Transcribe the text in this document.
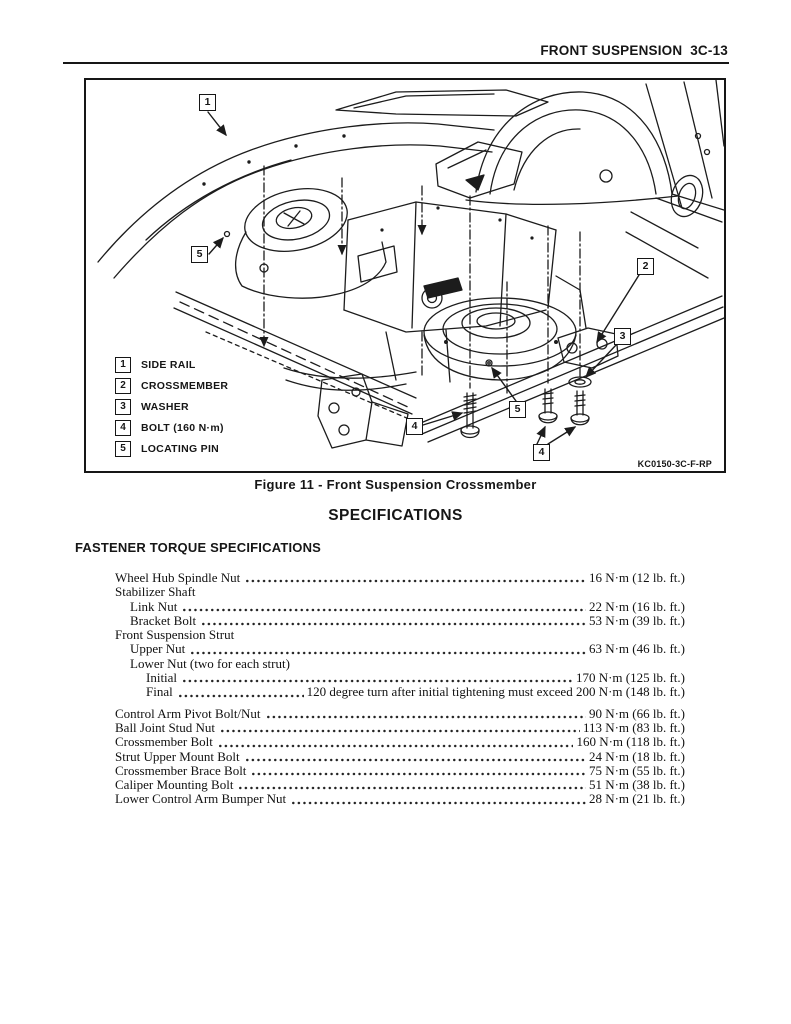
FRONT SUSPENSION  3C-13
1
5
2
3
4
5
4
1	SIDE RAIL
2	CROSSMEMBER
3	WASHER
4	BOLT (160 N·m)
5	LOCATING PIN
KC0150-3C-F-RP
Figure 11 - Front Suspension Crossmember
SPECIFICATIONS
FASTENER TORQUE SPECIFICATIONS
Wheel Hub Spindle Nut	16 N·m (12 lb. ft.)
Stabilizer Shaft
Link Nut	22 N·m (16 lb. ft.)
Bracket Bolt	53 N·m (39 lb. ft.)
Front Suspension Strut
Upper Nut	63 N·m (46 lb. ft.)
Lower Nut (two for each strut)
Initial	170 N·m (125 lb. ft.)
Final	120 degree turn after initial tightening must exceed 200 N·m (148 lb. ft.)
Control Arm Pivot Bolt/Nut	90 N·m (66 lb. ft.)
Ball Joint Stud Nut	113 N·m (83 lb. ft.)
Crossmember Bolt	160 N·m (118 lb. ft.)
Strut Upper Mount Bolt	24 N·m (18 lb. ft.)
Crossmember Brace Bolt	75 N·m (55 lb. ft.)
Caliper Mounting Bolt	51 N·m (38 lb. ft.)
Lower Control Arm Bumper Nut	28 N·m (21 lb. ft.)
